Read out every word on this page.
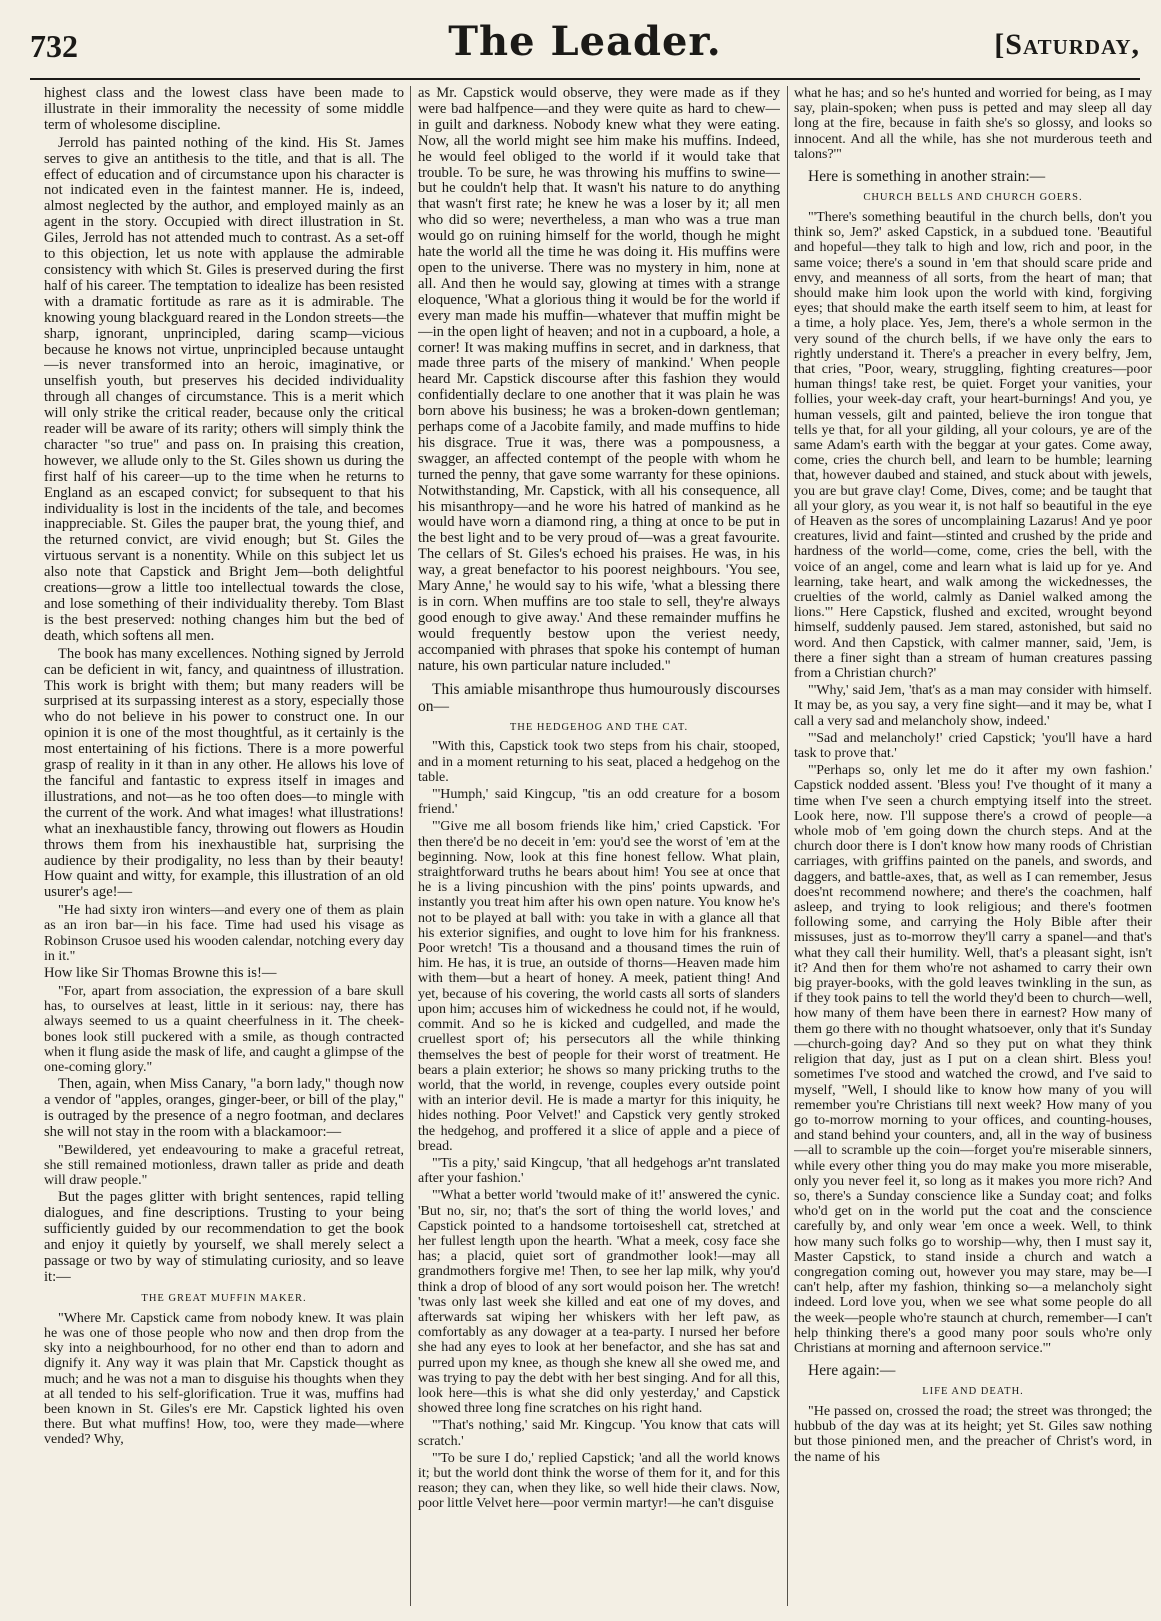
732	The Leader.	[Saturday,

highest class and the lowest class have been made to illustrate in their immorality the necessity of some middle term of wholesome discipline.

Jerrold has painted nothing of the kind. His St. James serves to give an antithesis to the title, and that is all. The effect of education and of circumstance upon his character is not indicated even in the faintest manner. He is, indeed, almost neglected by the author, and employed mainly as an agent in the story. Occupied with direct illustration in St. Giles, Jerrold has not attended much to contrast. As a set-off to this objection, let us note with applause the admirable consistency with which St. Giles is preserved during the first half of his career. The temptation to idealize has been resisted with a dramatic fortitude as rare as it is admirable. The knowing young blackguard reared in the London streets—the sharp, ignorant, unprincipled, daring scamp—vicious because he knows not virtue, unprincipled because untaught—is never transformed into an heroic, imaginative, or unselfish youth, but preserves his decided individuality through all changes of circumstance. This is a merit which will only strike the critical reader, because only the critical reader will be aware of its rarity; others will simply think the character "so true" and pass on. In praising this creation, however, we allude only to the St. Giles shown us during the first half of his career—up to the time when he returns to England as an escaped convict; for subsequent to that his individuality is lost in the incidents of the tale, and becomes inappreciable. St. Giles the pauper brat, the young thief, and the returned convict, are vivid enough; but St. Giles the virtuous servant is a nonentity. While on this subject let us also note that Capstick and Bright Jem—both delightful creations—grow a little too intellectual towards the close, and lose something of their individuality thereby. Tom Blast is the best preserved: nothing changes him but the bed of death, which softens all men.

The book has many excellences. Nothing signed by Jerrold can be deficient in wit, fancy, and quaintness of illustration. This work is bright with them; but many readers will be surprised at its surpassing interest as a story, especially those who do not believe in his power to construct one. In our opinion it is one of the most thoughtful, as it certainly is the most entertaining of his fictions. There is a more powerful grasp of reality in it than in any other. He allows his love of the fanciful and fantastic to express itself in images and illustrations, and not—as he too often does—to mingle with the current of the work. And what images! what illustrations! what an inexhaustible fancy, throwing out flowers as Houdin throws them from his inexhaustible hat, surprising the audience by their prodigality, no less than by their beauty! How quaint and witty, for example, this illustration of an old usurer's age!—

"He had sixty iron winters—and every one of them as plain as an iron bar—in his face. Time had used his visage as Robinson Crusoe used his wooden calendar, notching every day in it."

How like Sir Thomas Browne this is!—

"For, apart from association, the expression of a bare skull has, to ourselves at least, little in it serious: nay, there has always seemed to us a quaint cheerfulness in it. The cheek-bones look still puckered with a smile, as though contracted when it flung aside the mask of life, and caught a glimpse of the one-coming glory."

Then, again, when Miss Canary, "a born lady," though now a vendor of "apples, oranges, ginger-beer, or bill of the play," is outraged by the presence of a negro footman, and declares she will not stay in the room with a blackamoor:—

"Bewildered, yet endeavouring to make a graceful retreat, she still remained motionless, drawn taller as pride and death will draw people."

But the pages glitter with bright sentences, rapid telling dialogues, and fine descriptions. Trusting to your being sufficiently guided by our recommendation to get the book and enjoy it quietly by yourself, we shall merely select a passage or two by way of stimulating curiosity, and so leave it:—

THE GREAT MUFFIN MAKER.

"Where Mr. Capstick came from nobody knew. It was plain he was one of those people who now and then drop from the sky into a neighbourhood, for no other end than to adorn and dignify it. Any way it was plain that Mr. Capstick thought as much; and he was not a man to disguise his thoughts when they at all tended to his self-glorification. True it was, muffins had been known in St. Giles's ere Mr. Capstick lighted his oven there. But what muffins! How, too, were they made—where vended? Why,

as Mr. Capstick would observe, they were made as if they were bad halfpence—and they were quite as hard to chew—in guilt and darkness. Nobody knew what they were eating. Now, all the world might see him make his muffins. Indeed, he would feel obliged to the world if it would take that trouble. To be sure, he was throwing his muffins to swine—but he couldn't help that. It wasn't his nature to do anything that wasn't first rate; he knew he was a loser by it; all men who did so were; nevertheless, a man who was a true man would go on ruining himself for the world, though he might hate the world all the time he was doing it. His muffins were open to the universe. There was no mystery in him, none at all. And then he would say, glowing at times with a strange eloquence, 'What a glorious thing it would be for the world if every man made his muffin—whatever that muffin might be—in the open light of heaven; and not in a cupboard, a hole, a corner! It was making muffins in secret, and in darkness, that made three parts of the misery of mankind.' When people heard Mr. Capstick discourse after this fashion they would confidentially declare to one another that it was plain he was born above his business; he was a broken-down gentleman; perhaps come of a Jacobite family, and made muffins to hide his disgrace. True it was, there was a pompousness, a swagger, an affected contempt of the people with whom he turned the penny, that gave some warranty for these opinions. Notwithstanding, Mr. Capstick, with all his consequence, all his misanthropy—and he wore his hatred of mankind as he would have worn a diamond ring, a thing at once to be put in the best light and to be very proud of—was a great favourite. The cellars of St. Giles's echoed his praises. He was, in his way, a great benefactor to his poorest neighbours. 'You see, Mary Anne,' he would say to his wife, 'what a blessing there is in corn. When muffins are too stale to sell, they're always good enough to give away.' And these remainder muffins he would frequently bestow upon the veriest needy, accompanied with phrases that spoke his contempt of human nature, his own particular nature included."

This amiable misanthrope thus humourously discourses on—

THE HEDGEHOG AND THE CAT.

"With this, Capstick took two steps from his chair, stooped, and in a moment returning to his seat, placed a hedgehog on the table.

"'Humph,' said Kingcup, ''tis an odd creature for a bosom friend.'

"'Give me all bosom friends like him,' cried Capstick. 'For then there'd be no deceit in 'em: you'd see the worst of 'em at the beginning. Now, look at this fine honest fellow. What plain, straightforward truths he bears about him! You see at once that he is a living pincushion with the pins' points upwards, and instantly you treat him after his own open nature. You know he's not to be played at ball with: you take in with a glance all that his exterior signifies, and ought to love him for his frankness. Poor wretch! 'Tis a thousand and a thousand times the ruin of him. He has, it is true, an outside of thorns—Heaven made him with them—but a heart of honey. A meek, patient thing! And yet, because of his covering, the world casts all sorts of slanders upon him; accuses him of wickedness he could not, if he would, commit. And so he is kicked and cudgelled, and made the cruellest sport of; his persecutors all the while thinking themselves the best of people for their worst of treatment. He bears a plain exterior; he shows so many pricking truths to the world, that the world, in revenge, couples every outside point with an interior devil. He is made a martyr for this iniquity, he hides nothing. Poor Velvet!' and Capstick very gently stroked the hedgehog, and proffered it a slice of apple and a piece of bread.

"'Tis a pity,' said Kingcup, 'that all hedgehogs ar'nt translated after your fashion.'

"'What a better world 'twould make of it!' answered the cynic. 'But no, sir, no; that's the sort of thing the world loves,' and Capstick pointed to a handsome tortoiseshell cat, stretched at her fullest length upon the hearth. 'What a meek, cosy face she has; a placid, quiet sort of grandmother look!—may all grandmothers forgive me! Then, to see her lap milk, why you'd think a drop of blood of any sort would poison her. The wretch! 'twas only last week she killed and eat one of my doves, and afterwards sat wiping her whiskers with her left paw, as comfortably as any dowager at a tea-party. I nursed her before she had any eyes to look at her benefactor, and she has sat and purred upon my knee, as though she knew all she owed me, and was trying to pay the debt with her best singing. And for all this, look here—this is what she did only yesterday,' and Capstick showed three long fine scratches on his right hand.

"'That's nothing,' said Mr. Kingcup. 'You know that cats will scratch.'

"'To be sure I do,' replied Capstick; 'and all the world knows it; but the world dont think the worse of them for it, and for this reason; they can, when they like, so well hide their claws. Now, poor little Velvet here—poor vermin martyr!—he can't disguise

what he has; and so he's hunted and worried for being, as I may say, plain-spoken; when puss is petted and may sleep all day long at the fire, because in faith she's so glossy, and looks so innocent. And all the while, has she not murderous teeth and talons?'"

Here is something in another strain:—

CHURCH BELLS AND CHURCH GOERS.

"'There's something beautiful in the church bells, don't you think so, Jem?' asked Capstick, in a subdued tone. 'Beautiful and hopeful—they talk to high and low, rich and poor, in the same voice; there's a sound in 'em that should scare pride and envy, and meanness of all sorts, from the heart of man; that should make him look upon the world with kind, forgiving eyes; that should make the earth itself seem to him, at least for a time, a holy place. Yes, Jem, there's a whole sermon in the very sound of the church bells, if we have only the ears to rightly understand it. There's a preacher in every belfry, Jem, that cries, "Poor, weary, struggling, fighting creatures—poor human things! take rest, be quiet. Forget your vanities, your follies, your week-day craft, your heart-burnings! And you, ye human vessels, gilt and painted, believe the iron tongue that tells ye that, for all your gilding, all your colours, ye are of the same Adam's earth with the beggar at your gates. Come away, come, cries the church bell, and learn to be humble; learning that, however daubed and stained, and stuck about with jewels, you are but grave clay! Come, Dives, come; and be taught that all your glory, as you wear it, is not half so beautiful in the eye of Heaven as the sores of uncomplaining Lazarus! And ye poor creatures, livid and faint—stinted and crushed by the pride and hardness of the world—come, come, cries the bell, with the voice of an angel, come and learn what is laid up for ye. And learning, take heart, and walk among the wickednesses, the cruelties of the world, calmly as Daniel walked among the lions."' Here Capstick, flushed and excited, wrought beyond himself, suddenly paused. Jem stared, astonished, but said no word. And then Capstick, with calmer manner, said, 'Jem, is there a finer sight than a stream of human creatures passing from a Christian church?'

"'Why,' said Jem, 'that's as a man may consider with himself. It may be, as you say, a very fine sight—and it may be, what I call a very sad and melancholy show, indeed.'

"'Sad and melancholy!' cried Capstick; 'you'll have a hard task to prove that.'

"'Perhaps so, only let me do it after my own fashion.' Capstick nodded assent. 'Bless you! I've thought of it many a time when I've seen a church emptying itself into the street. Look here, now. I'll suppose there's a crowd of people—a whole mob of 'em going down the church steps. And at the church door there is I don't know how many roods of Christian carriages, with griffins painted on the panels, and swords, and daggers, and battle-axes, that, as well as I can remember, Jesus does'nt recommend nowhere; and there's the coachmen, half asleep, and trying to look religious; and there's footmen following some, and carrying the Holy Bible after their missuses, just as to-morrow they'll carry a spanel—and that's what they call their humility. Well, that's a pleasant sight, isn't it? And then for them who're not ashamed to carry their own big prayer-books, with the gold leaves twinkling in the sun, as if they took pains to tell the world they'd been to church—well, how many of them have been there in earnest? How many of them go there with no thought whatsoever, only that it's Sunday—church-going day? And so they put on what they think religion that day, just as I put on a clean shirt. Bless you! sometimes I've stood and watched the crowd, and I've said to myself, "Well, I should like to know how many of you will remember you're Christians till next week? How many of you go to-morrow morning to your offices, and counting-houses, and stand behind your counters, and, all in the way of business—all to scramble up the coin—forget you're miserable sinners, while every other thing you do may make you more miserable, only you never feel it, so long as it makes you more rich? And so, there's a Sunday conscience like a Sunday coat; and folks who'd get on in the world put the coat and the conscience carefully by, and only wear 'em once a week. Well, to think how many such folks go to worship—why, then I must say it, Master Capstick, to stand inside a church and watch a congregation coming out, however you may stare, may be—I can't help, after my fashion, thinking so—a melancholy sight indeed. Lord love you, when we see what some people do all the week—people who're staunch at church, remember—I can't help thinking there's a good many poor souls who're only Christians at morning and afternoon service.'"

Here again:—

LIFE AND DEATH.

"He passed on, crossed the road; the street was thronged; the hubbub of the day was at its height; yet St. Giles saw nothing but those pinioned men, and the preacher of Christ's word, in the name of his
